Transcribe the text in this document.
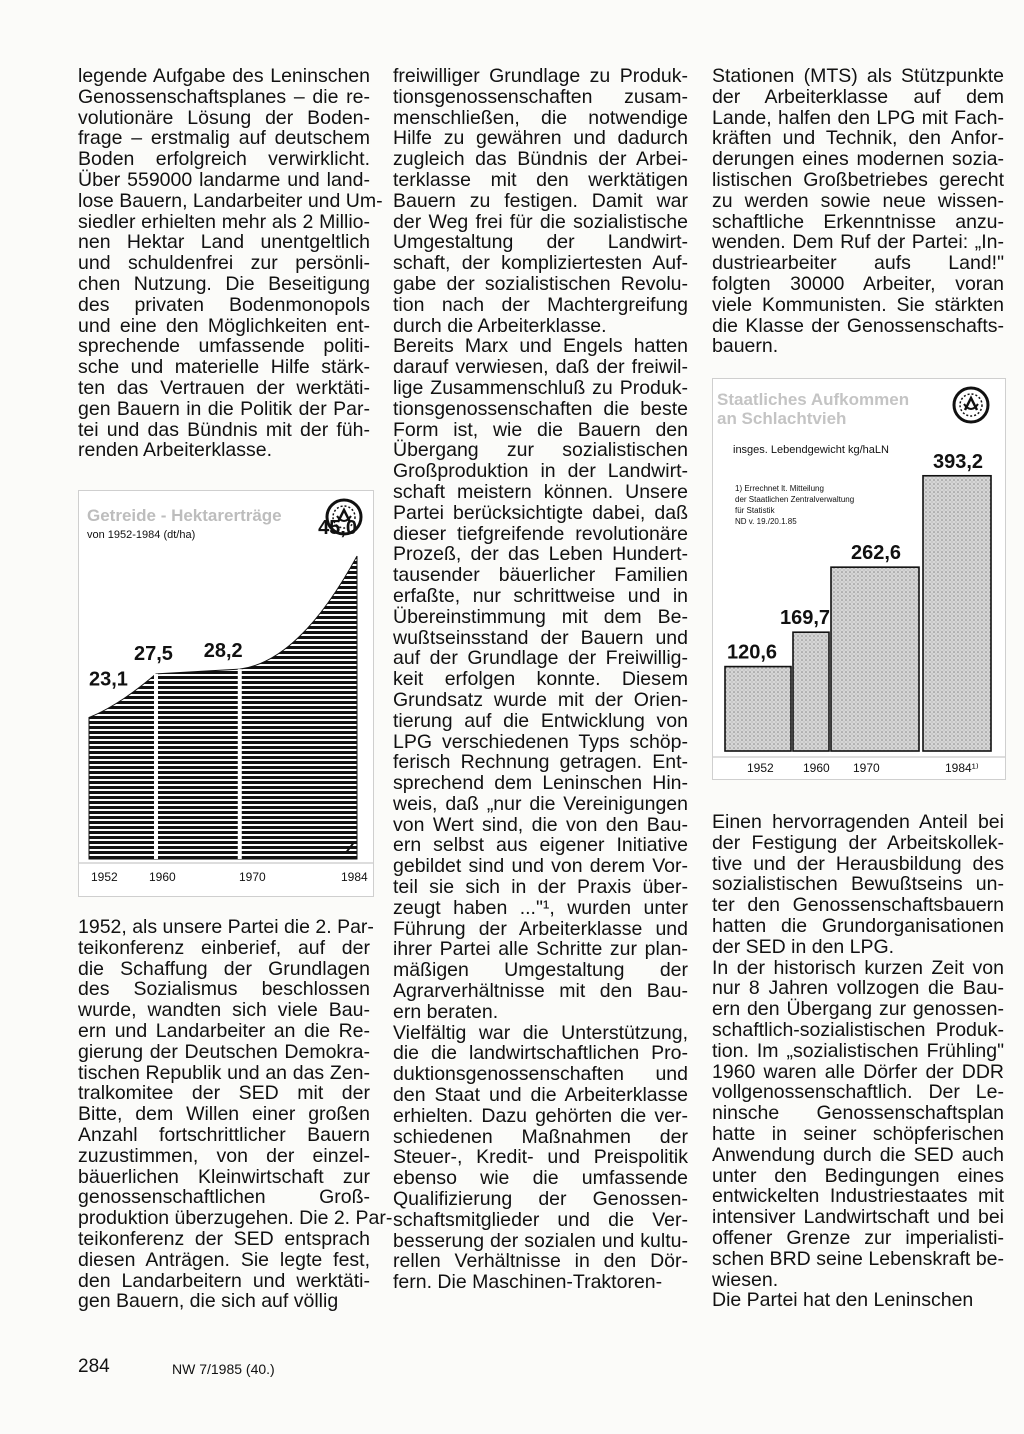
legende Aufgabe des Leninschen
Genossenschaftsplanes – die re-
volutionäre Lösung der Boden-
frage – erstmalig auf deutschem
Boden erfolgreich verwirklicht.
Über 559000 landarme und land-
lose Bauern, Landarbeiter und Um-
siedler erhielten mehr als 2 Millio-
nen Hektar Land unentgeltlich
und schuldenfrei zur persönli-
chen Nutzung. Die Beseitigung
des privaten Bodenmonopols
und eine den Möglichkeiten ent-
sprechende umfassende politi-
sche und materielle Hilfe stärk-
ten das Vertrauen der werktäti-
gen Bauern in die Politik der Par-
tei und das Bündnis mit der füh-
renden Arbeiterklasse.

Getreide - Hektarerträge
von 1952-1984 (dt/ha)
23,1
27,5 28,2
45,0
Z
1952	1960	1970	1984

1952, als unsere Partei die 2. Par-
teikonferenz einberief, auf der
die Schaffung der Grundlagen
des Sozialismus beschlossen
wurde, wandten sich viele Bau-
ern und Landarbeiter an die Re-
gierung der Deutschen Demokra-
tischen Republik und an das Zen-
tralkomitee der SED mit der
Bitte, dem Willen einer großen
Anzahl fortschrittlicher Bauern
zuzustimmen, von der einzel-
bäuerlichen Kleinwirtschaft zur
genossenschaftlichen Groß-
produktion überzugehen. Die 2. Par-
teikonferenz der SED entsprach
diesen Anträgen. Sie legte fest,
den Landarbeitern und werktäti-
gen Bauern, die sich auf völlig

freiwilliger Grundlage zu Produk-
tionsgenossenschaften zusam-
menschließen, die notwendige
Hilfe zu gewähren und dadurch
zugleich das Bündnis der Arbei-
terklasse mit den werktätigen
Bauern zu festigen. Damit war
der Weg frei für die sozialistische
Umgestaltung der Landwirt-
schaft, der kompliziertesten Auf-
gabe der sozialistischen Revolu-
tion nach der Machtergreifung
durch die Arbeiterklasse.

Bereits Marx und Engels hatten
darauf verwiesen, daß der freiwil-
lige Zusammenschluß zu Produk-
tionsgenossenschaften die beste
Form ist, wie die Bauern den
Übergang zur sozialistischen
Großproduktion in der Landwirt-
schaft meistern können. Unsere
Partei berücksichtigte dabei, daß
dieser tiefgreifende revolutionäre
Prozeß, der das Leben Hundert-
tausender bäuerlicher Familien
erfaßte, nur schrittweise und in
Übereinstimmung mit dem Be-
wußtseinsstand der Bauern und
auf der Grundlage der Freiwillig-
keit erfolgen konnte. Diesem
Grundsatz wurde mit der Orien-
tierung auf die Entwicklung von
LPG verschiedenen Typs schöp-
ferisch Rechnung getragen. Ent-
sprechend dem Leninschen Hin-
weis, daß „nur die Vereinigungen
von Wert sind, die von den Bau-
ern selbst aus eigener Initiative
gebildet sind und von derem Vor-
teil sie sich in der Praxis über-
zeugt haben ..."¹, wurden unter
Führung der Arbeiterklasse und
ihrer Partei alle Schritte zur plan-
mäßigen Umgestaltung der
Agrarverhältnisse mit den Bau-
ern beraten.

Vielfältig war die Unterstützung,
die die landwirtschaftlichen Pro-
duktionsgenossenschaften und
den Staat und die Arbeiterklasse
erhielten. Dazu gehörten die ver-
schiedenen Maßnahmen der
Steuer-, Kredit- und Preispolitik
ebenso wie die umfassende
Qualifizierung der Genossen-
schaftsmitglieder und die Ver-
besserung der sozialen und kultu-
rellen Verhältnisse in den Dör-
fern. Die Maschinen-Traktoren-

Stationen (MTS) als Stützpunkte
der Arbeiterklasse auf dem
Lande, halfen den LPG mit Fach-
kräften und Technik, den Anfor-
derungen eines modernen sozia-
listischen Großbetriebes gerecht
zu werden sowie neue wissen-
schaftliche Erkenntnisse anzu-
wenden. Dem Ruf der Partei: „In-
dustriearbeiter aufs Land!"
folgten 30000 Arbeiter, voran
viele Kommunisten. Sie stärkten
die Klasse der Genossenschafts-
bauern.

Staatliches Aufkommen
an Schlachtvieh
insges. Lebendgewicht kg/haLN
1) Errechnet lt. Mitteilung
der Staatlichen Zentralverwaltung
für Statistik
ND v. 19./20.1.85
120,6
169,7
262,6
393,2
1952 1960 1970	1984¹⁾

Einen hervorragenden Anteil bei
der Festigung der Arbeitskollek-
tive und der Herausbildung des
sozialistischen Bewußtseins un-
ter den Genossenschaftsbauern
hatten die Grundorganisationen
der SED in den LPG.

In der historisch kurzen Zeit von
nur 8 Jahren vollzogen die Bau-
ern den Übergang zur genossen-
schaftlich-sozialistischen Produk-
tion. Im „sozialistischen Frühling"
1960 waren alle Dörfer der DDR
vollgenossenschaftlich. Der Le-
ninsche Genossenschaftsplan
hatte in seiner schöpferischen
Anwendung durch die SED auch
unter den Bedingungen eines
entwickelten Industriestaates mit
intensiver Landwirtschaft und bei
offener Grenze zur imperialisti-
schen BRD seine Lebenskraft be-
wiesen.

Die Partei hat den Leninschen

284	NW 7/1985 (40.)
